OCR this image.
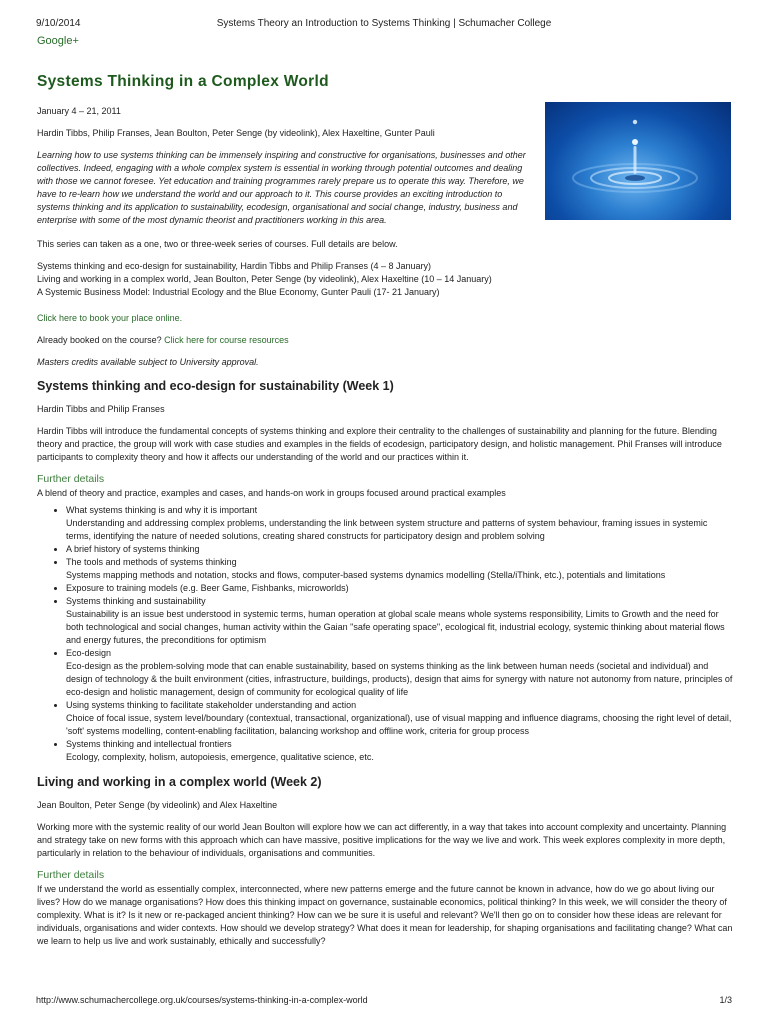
9/10/2014	Systems Theory an Introduction to Systems Thinking | Schumacher College
Google+
Systems Thinking in a Complex World

January 4 – 21, 2011

Hardin Tibbs, Philip Franses, Jean Boulton, Peter Senge (by videolink), Alex Haxeltine, Gunter Pauli

Learning how to use systems thinking can be immensely inspiring and constructive for organisations, businesses and other collectives. Indeed, engaging with a whole complex system is essential in working through potential outcomes and dealing with those we cannot foresee. Yet education and training programmes rarely prepare us to operate this way. Therefore, we have to re-learn how we understand the world and our approach to it. This course provides an exciting introduction to systems thinking and its application to sustainability, ecodesign, organisational and social change, industry, business and enterprise with some of the most dynamic theorist and practitioners working in this area.

This series can taken as a one, two or three-week series of courses. Full details are below.

Systems thinking and eco-design for sustainability, Hardin Tibbs and Philip Franses (4 – 8 January)

Living and working in a complex world, Jean Boulton, Peter Senge (by videolink), Alex Haxeltine (10 – 14 January)

A Systemic Business Model: Industrial Ecology and the Blue Economy, Gunter Pauli (17- 21 January)

Click here to book your place online.

Already booked on the course? Click here for course resources

Masters credits available subject to University approval.

Systems thinking and eco-design for sustainability (Week 1)

Hardin Tibbs and Philip Franses

Hardin Tibbs will introduce the fundamental concepts of systems thinking and explore their centrality to the challenges of sustainability and planning for the future. Blending theory and practice, the group will work with case studies and examples in the fields of ecodesign, participatory design, and holistic management. Phil Franses will introduce participants to complexity theory and how it affects our understanding of the world and our practices within it.

Further details
A blend of theory and practice, examples and cases, and hands-on work in groups focused around practical examples
• What systems thinking is and why it is important
Understanding and addressing complex problems, understanding the link between system structure and patterns of system behaviour, framing issues in systemic terms, identifying the nature of needed solutions, creating shared constructs for participatory design and problem solving
• A brief history of systems thinking
• The tools and methods of systems thinking
Systems mapping methods and notation, stocks and flows, computer-based systems dynamics modelling (Stella/iThink, etc.), potentials and limitations
• Exposure to training models (e.g. Beer Game, Fishbanks, microworlds)
• Systems thinking and sustainability
Sustainability is an issue best understood in systemic terms, human operation at global scale means whole systems responsibility, Limits to Growth and the need for both technological and social changes, human activity within the Gaian "safe operating space", ecological fit, industrial ecology, systemic thinking about material flows and energy futures, the preconditions for optimism
• Eco-design
Eco-design as the problem-solving mode that can enable sustainability, based on systems thinking as the link between human needs (societal and individual) and design of technology & the built environment (cities, infrastructure, buildings, products), design that aims for synergy with nature not autonomy from nature, principles of eco-design and holistic management, design of community for ecological quality of life
• Using systems thinking to facilitate stakeholder understanding and action
Choice of focal issue, system level/boundary (contextual, transactional, organizational), use of visual mapping and influence diagrams, choosing the right level of detail, 'soft' systems modelling, content-enabling facilitation, balancing workshop and offline work, criteria for group process
• Systems thinking and intellectual frontiers
Ecology, complexity, holism, autopoiesis, emergence, qualitative science, etc.
Living and working in a complex world (Week 2)

Jean Boulton, Peter Senge (by videolink) and Alex Haxeltine

Working more with the systemic reality of our world Jean Boulton will explore how we can act differently, in a way that takes into account complexity and uncertainty. Planning and strategy take on new forms with this approach which can have massive, positive implications for the way we live and work. This week explores complexity in more depth, particularly in relation to the behaviour of individuals, organisations and communities.

Further details
If we understand the world as essentially complex, interconnected, where new patterns emerge and the future cannot be known in advance, how do we go about living our lives? How do we manage organisations? How does this thinking impact on governance, sustainable economics, political thinking? In this week, we will consider the theory of complexity. What is it? Is it new or re-packaged ancient thinking? How can we be sure it is useful and relevant? We'll then go on to consider how these ideas are relevant for individuals, organisations and wider contexts. How should we develop strategy? What does it mean for leadership, for shaping organisations and facilitating change? What can we learn to help us live and work sustainably, ethically and successfully?
http://www.schumachercollege.org.uk/courses/systems-thinking-in-a-complex-world	1/3
